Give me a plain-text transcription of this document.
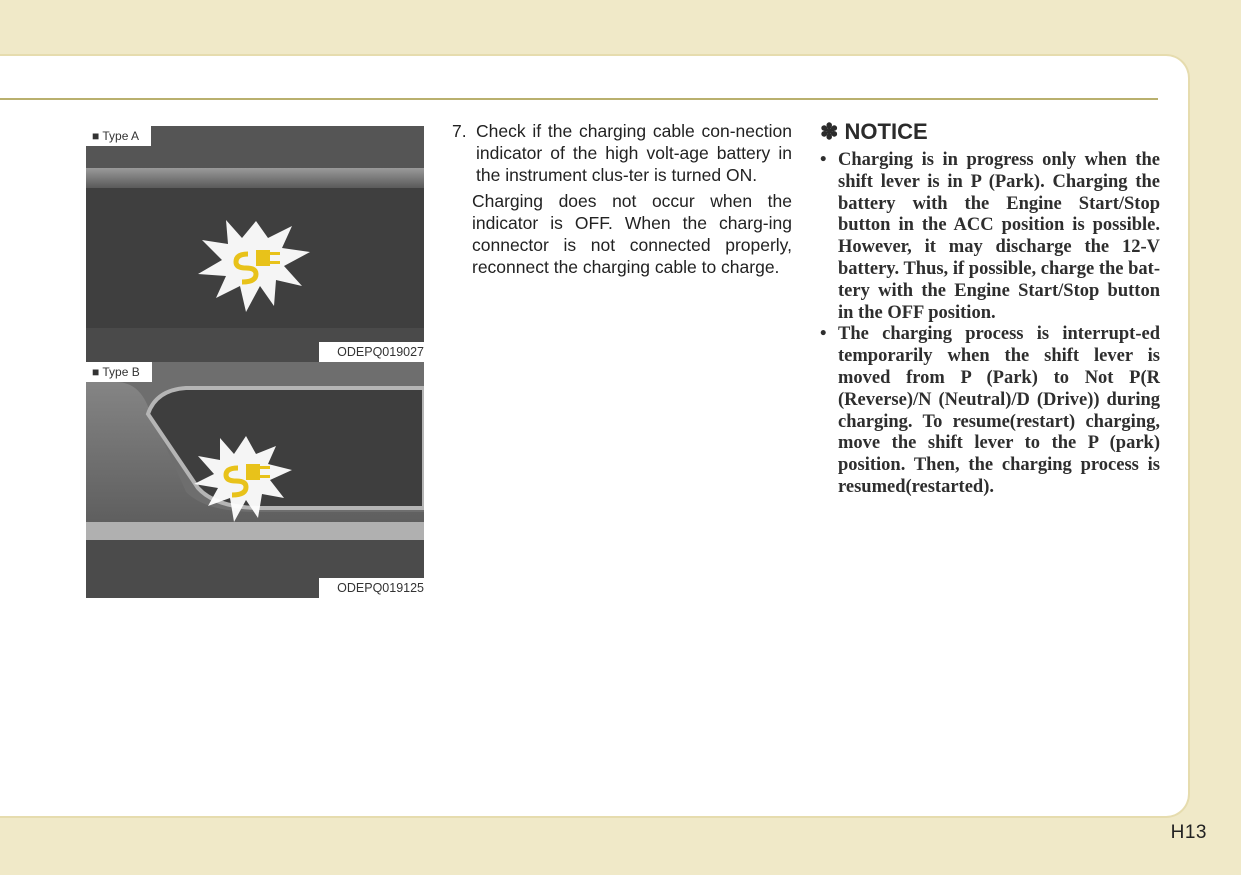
■ Type A
ODEPQ019027
■ Type B
ODEPQ019125
7. Check if the charging cable con-nection indicator of the high volt-age battery in the instrument clus-ter is turned ON.
Charging does not occur when the indicator is OFF. When the charg-ing connector is not connected properly, reconnect the charging cable to charge.
✽ NOTICE
• Charging is in progress only when the shift lever is in P (Park). Charging the battery with the Engine Start/Stop button in the ACC position is possible. However, it may discharge the 12-V battery. Thus, if possible, charge the bat-tery with the Engine Start/Stop button in the OFF position.
• The charging process is interrupt-ed temporarily when the shift lever is moved from P (Park) to Not P(R (Reverse)/N (Neutral)/D (Drive)) during charging. To resume(restart) charging, move the shift lever to the P (park) position. Then, the charging process is resumed(restarted).
H13
